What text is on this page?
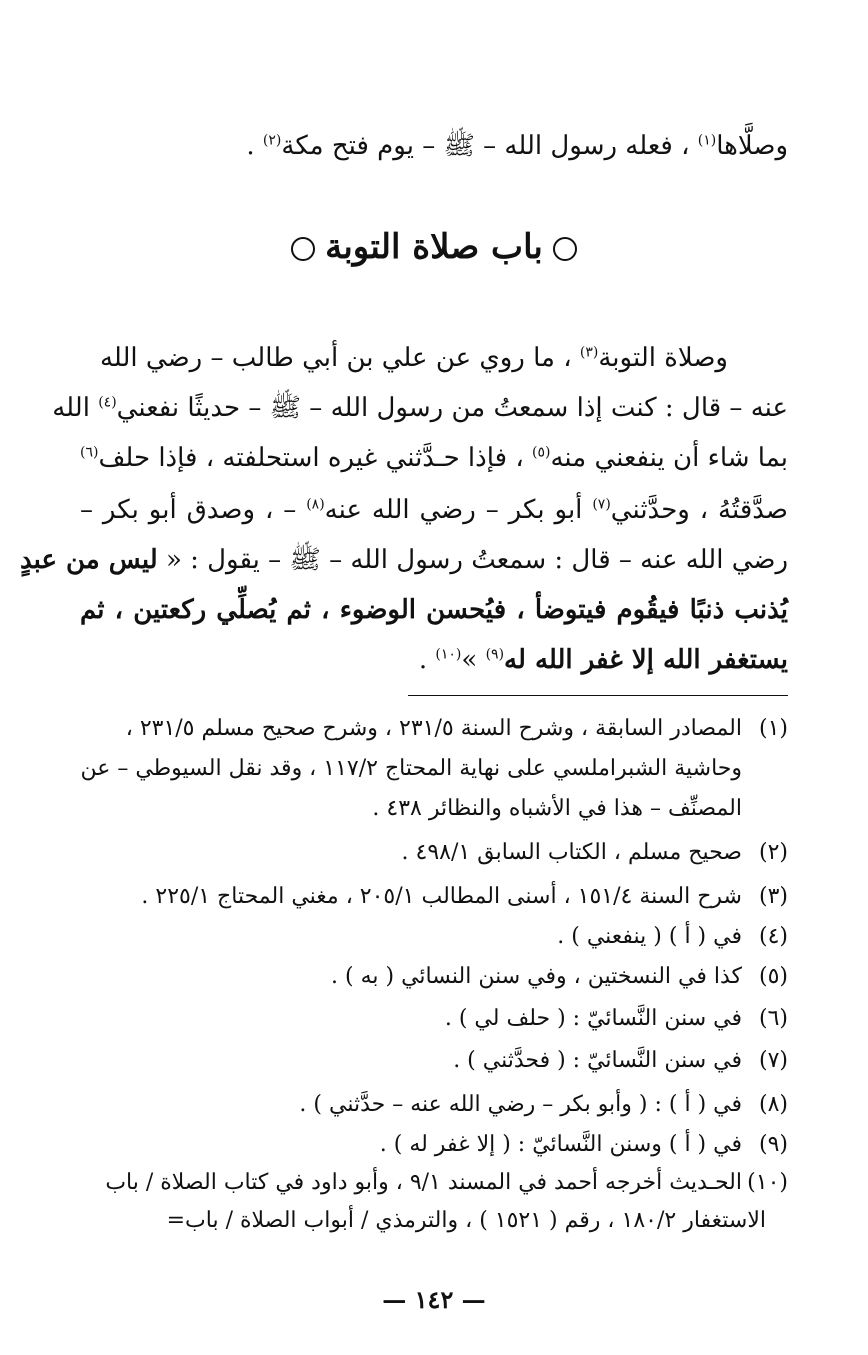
وصلَّاها$^{(١)}$ ، فعله رسول الله – ﷺ – يوم فتح مكة$^{(٢)}$ .
باب صلاة التوبة
وصلاة التوبة$^{(٣)}$ ، ما روي عن علي بن أبي طالب – رضي الله
عنه – قال : كنت إذا سمعتُ من رسول الله – ﷺ – حديثًا نفعني$^{(٤)}$ الله
بما شاء أن ينفعني منه$^{(٥)}$ ، فإذا حـدَّثني غيره استحلفته ، فإذا حلف$^{(٦)}$
صدَّقتُهُ ، وحدَّثني$^{(٧)}$ أبو بكر – رضي الله عنه$^{(٨)}$ – ، وصدق أبو بكر –
رضي الله عنه – قال : سمعتُ رسول الله – ﷺ – يقول : « ليس من عبدٍ
يُذنب ذنبًا فيقُوم فيتوضأ ، فيُحسن الوضوء ، ثم يُصلِّي ركعتين ، ثم
يستغفر الله إلا غفر الله له$^{(٩)}$ »$^{(١٠)}$ .
(١)المصادر السابقة ، وشرح السنة ٢٣١/٥ ، وشرح صحيح مسلم ٢٣١/٥ ،
وحاشية الشبراملسي على نهاية المحتاج ١١٧/٢ ، وقد نقل السيوطي – عن
المصنِّف – هذا في الأشباه والنظائر ٤٣٨ .
(٢)صحيح مسلم ، الكتاب السابق ٤٩٨/١ .
(٣)شرح السنة ١٥١/٤ ، أسنى المطالب ٢٠٥/١ ، مغني المحتاج ٢٢٥/١ .
(٤)في ( أ ) ( ينفعني ) .
(٥)كذا في النسختين ، وفي سنن النسائي ( به ) .
(٦)في سنن النَّسائيّ : ( حلف لي ) .
(٧)في سنن النَّسائيّ : ( فحدَّثني ) .
(٨)في ( أ ) : ( وأبو بكر – رضي الله عنه – حدَّثني ) .
(٩)في ( أ ) وسنن النَّسائيّ : ( إلا غفر له ) .
(١٠)الحـديث أخرجه أحمد في المسند ٩/١ ، وأبو داود في كتاب الصلاة / باب
الاستغفار ١٨٠/٢ ، رقم ( ١٥٢١ ) ، والترمذي / أبواب الصلاة / باب=
— ١٤٢ —
